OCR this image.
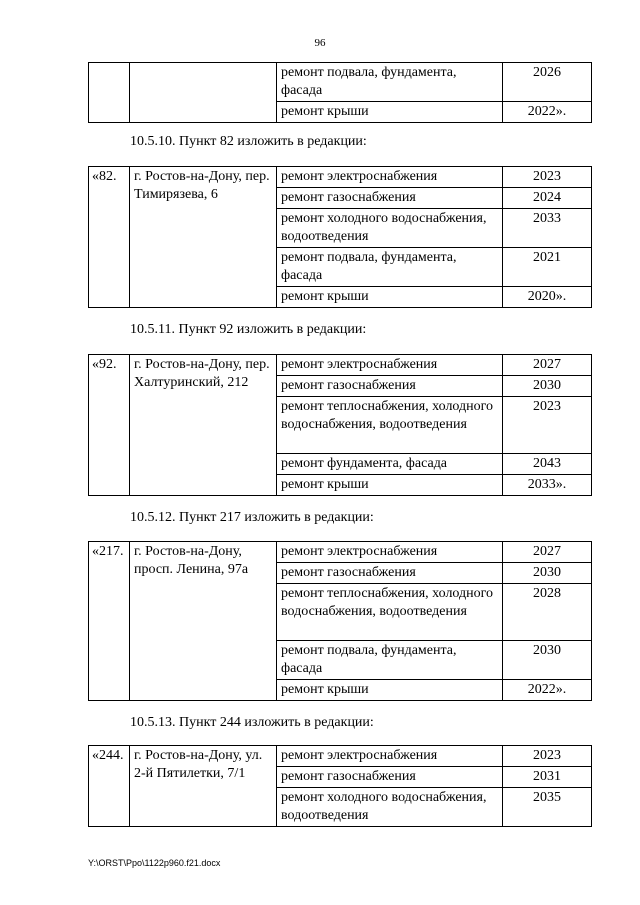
96
		ремонт подвала, фундамента, фасада	2026
		ремонт крыши	2022».
10.5.10. Пункт 82 изложить в редакции:
«82.	г. Ростов-на-Дону, пер. Тимирязева, 6	ремонт электроснабжения	2023
		ремонт газоснабжения	2024
		ремонт холодного водоснабжения, водоотведения	2033
		ремонт подвала, фундамента, фасада	2021
		ремонт крыши	2020».
10.5.11. Пункт 92 изложить в редакции:
«92.	г. Ростов-на-Дону, пер. Халтуринский, 212	ремонт электроснабжения	2027
		ремонт газоснабжения	2030
		ремонт теплоснабжения, холодного водоснабжения, водоотведения	2023
		ремонт фундамента, фасада	2043
		ремонт крыши	2033».
10.5.12. Пункт 217 изложить в редакции:
«217.	г. Ростов-на-Дону, просп. Ленина, 97а	ремонт электроснабжения	2027
		ремонт газоснабжения	2030
		ремонт теплоснабжения, холодного водоснабжения, водоотведения	2028
		ремонт подвала, фундамента, фасада	2030
		ремонт крыши	2022».
10.5.13. Пункт 244 изложить в редакции:
«244.	г. Ростов-на-Дону, ул. 2-й Пятилетки, 7/1	ремонт электроснабжения	2023
		ремонт газоснабжения	2031
		ремонт холодного водоснабжения, водоотведения	2035
Y:\ORST\Ppo\1122p960.f21.docx
